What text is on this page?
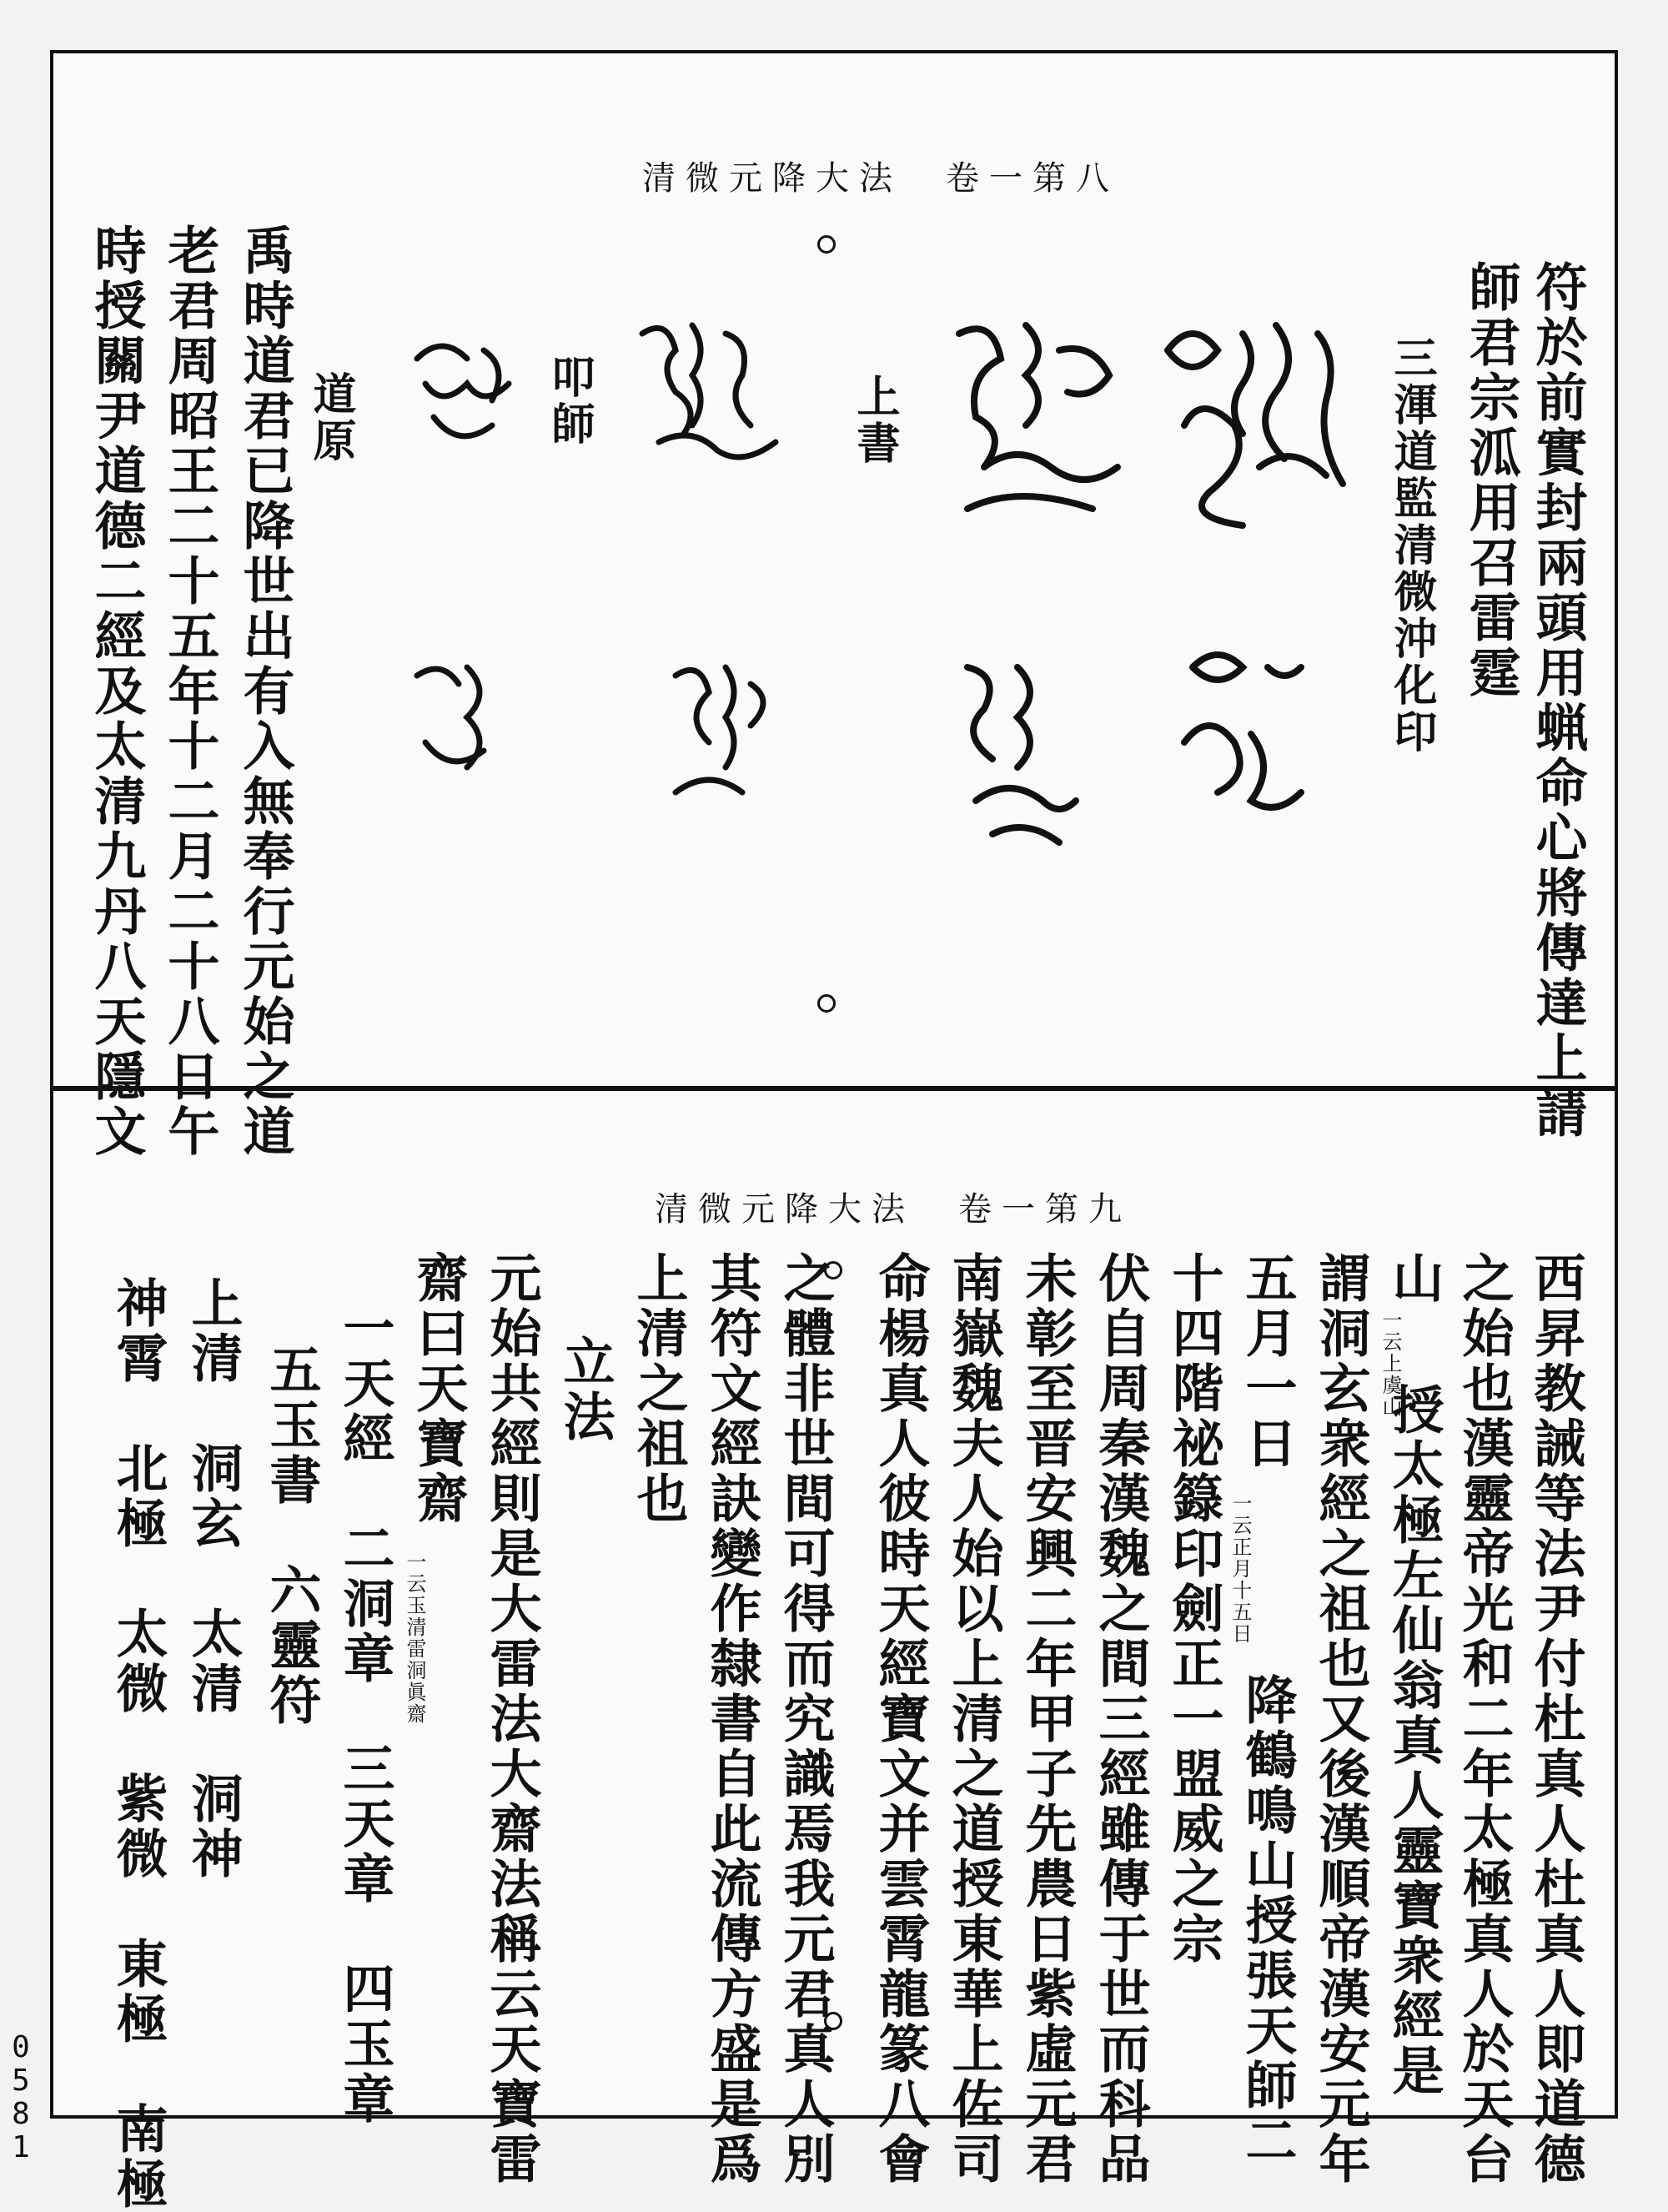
0581
清微元降大法　卷一第八
符於前實封兩頭用蝋命心將傳達上請
師君宗泒用召雷霆
三渾道監清微沖化印
上書
叩師
道原
禹時道君已降世出有入無奉行元始之道
老君周昭王二十五年十二月二十八日午
時授關尹道德二經及太清九丹八天隱文
清微元降大法　卷一第九
西昇教誡等法尹付杜真人杜真人即道德
之始也漢靈帝光和二年太極真人於天台
山
一云上虞山
授太極左仙翁真人靈寶衆經是
謂洞玄衆經之祖也又後漢順帝漢安元年
五月一日
一云正月十五日
降鶴鳴山授張天師二
十四階祕籙印劍正一盟威之宗
伏自周秦漢魏之間三經雖傳于世而科品
未彰至晋安興二年甲子先農日紫虛元君
南嶽魏夫人始以上清之道授東華上佐司
命楊真人彼時天經寶文并雲霄龍篆八會
之體非世間可得而究識焉我元君真人別
其符文經訣變作隸書自此流傳方盛是爲
上清之祖也
立法
元始共經則是大雷法大齋法稱云天寶雷
齋曰天寶齋
一云玉清雷洞眞齋
一天經　二洞章　三天章　四玉章
五玉書　六靈符
上清　洞玄　太清　洞神
神霄　北極　太微　紫微　東極　南極
